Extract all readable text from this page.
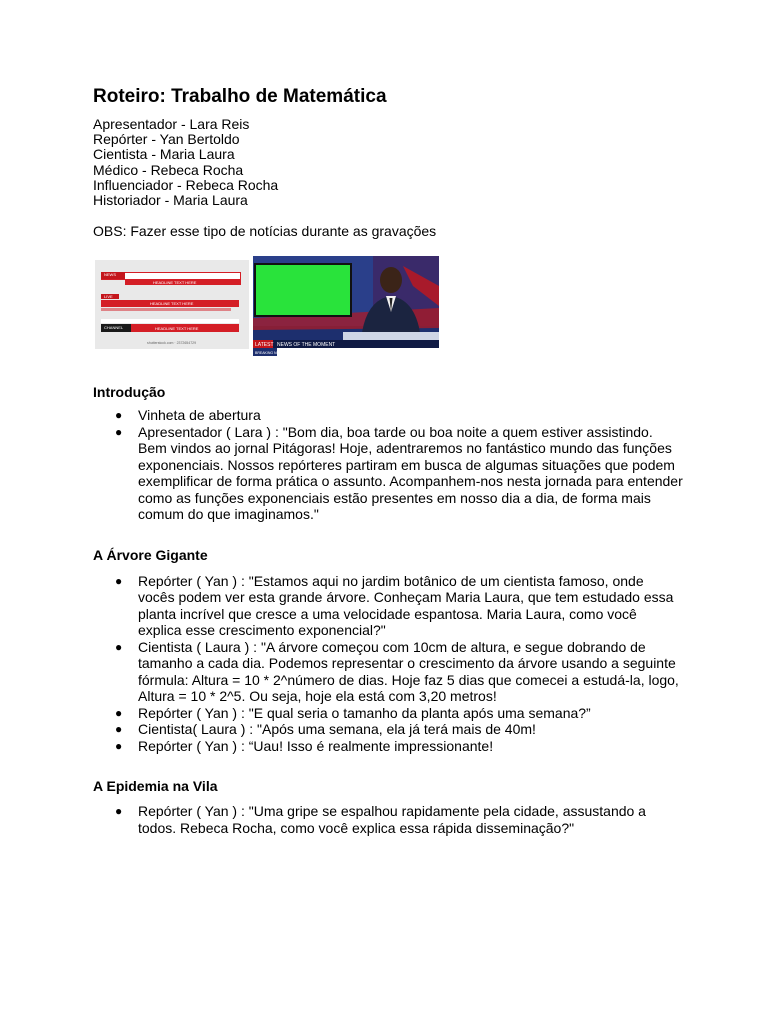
Roteiro: Trabalho de Matemática
Apresentador - Lara Reis
Repórter - Yan Bertoldo
Cientista - Maria Laura
Médico - Rebeca Rocha
Influenciador - Rebeca Rocha
Historiador - Maria Laura
OBS: Fazer esse tipo de notícias durante as gravações
NEWS
HEADLINE TEXT HERE
LIVE
HEADLINE TEXT HERE
CHANNEL	HEADLINE TEXT HERE
shutterstock.com · 2372654729	LATEST NEWS OF THE MOMENT
BREAKING NEWS
Introdução
● Vinheta de abertura
● Apresentador ( Lara ) : "Bom dia, boa tarde ou boa noite a quem estiver assistindo. Bem vindos ao jornal Pitágoras! Hoje, adentraremos no fantástico mundo das funções exponenciais. Nossos repórteres partiram em busca de algumas situações que podem exemplificar de forma prática o assunto. Acompanhem-nos nesta jornada para entender como as funções exponenciais estão presentes em nosso dia a dia, de forma mais comum do que imaginamos."
A Árvore Gigante
● Repórter ( Yan ) : "Estamos aqui no jardim botânico de um cientista famoso, onde vocês podem ver esta grande árvore. Conheçam Maria Laura, que tem estudado essa planta incrível que cresce a uma velocidade espantosa. Maria Laura, como você explica esse crescimento exponencial?"
● Cientista ( Laura ) : "A árvore começou com 10cm de altura, e segue dobrando de tamanho a cada dia. Podemos representar o crescimento da árvore usando a seguinte fórmula: Altura = 10 * 2^número de dias. Hoje faz 5 dias que comecei a estudá-la, logo, Altura = 10 * 2^5. Ou seja, hoje ela está com 3,20 metros!
● Repórter ( Yan ) : "E qual seria o tamanho da planta após uma semana?”
● Cientista( Laura ) : "Após uma semana, ela já terá mais de 40m!
● Repórter ( Yan ) : “Uau! Isso é realmente impressionante!
A Epidemia na Vila
● Repórter ( Yan ) : "Uma gripe se espalhou rapidamente pela cidade, assustando a todos. Rebeca Rocha, como você explica essa rápida disseminação?"
